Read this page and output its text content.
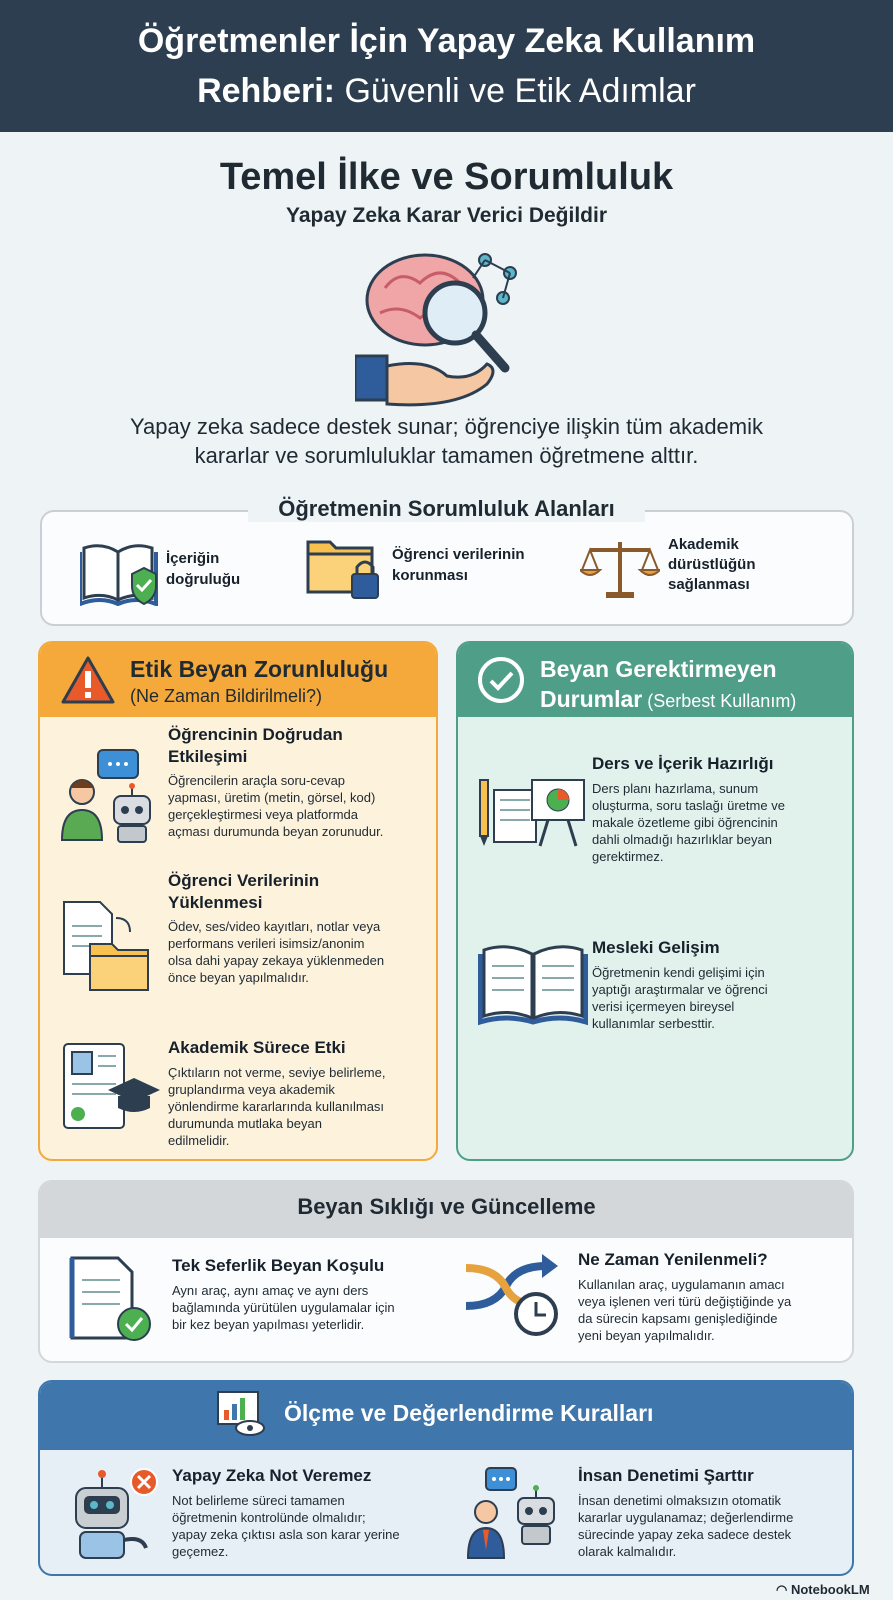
Öğretmenler İçin Yapay Zeka Kullanım
Rehberi: Güvenli ve Etik Adımlar
Temel İlke ve Sorumluluk
Yapay Zeka Karar Verici Değildir
Yapay zeka sadece destek sunar; öğrenciye ilişkin tüm akademik
kararlar ve sorumluluklar tamamen öğretmene alttır.
Öğretmenin Sorumluluk Alanları
İçeriğin
doğruluğu
Öğrenci verilerinin
korunması
Akademik
dürüstlüğün
sağlanması
Etik Beyan Zorunluluğu
(Ne Zaman Bildirilmeli?)
Öğrencinin Doğrudan
Etkileşimi
Öğrencilerin araçla soru-cevap
yapması, üretim (metin, görsel, kod)
gerçekleştirmesi veya platformda
açması durumunda beyan zorunudur.
Öğrenci Verilerinin
Yüklenmesi
Ödev, ses/video kayıtları, notlar veya
performans verileri isimsiz/anonim
olsa dahi yapay zekaya yüklenmeden
önce beyan yapılmalıdır.
Akademik Sürece Etki
Çıktıların not verme, seviye belirleme,
gruplandırma veya akademik
yönlendirme kararlarında kullanılması
durumunda mutlaka beyan
edilmelidir.
Beyan Gerektirmeyen
Durumlar (Serbest Kullanım)
Ders ve İçerik Hazırlığı
Ders planı hazırlama, sunum
oluşturma, soru taslağı üretme ve
makale özetleme gibi öğrencinin
dahli olmadığı hazırlıklar beyan
gerektirmez.
Mesleki Gelişim
Öğretmenin kendi gelişimi için
yaptığı araştırmalar ve öğrenci
verisi içermeyen bireysel
kullanımlar serbesttir.
Beyan Sıklığı ve Güncelleme
Tek Seferlik Beyan Koşulu
Aynı araç, aynı amaç ve aynı ders
bağlamında yürütülen uygulamalar için
bir kez beyan yapılması yeterlidir.
Ne Zaman Yenilenmeli?
Kullanılan araç, uygulamanın amacı
veya işlenen veri türü değiştiğinde ya
da sürecin kapsamı genişlediğinde
yeni beyan yapılmalıdır.
Ölçme ve Değerlendirme Kuralları
Yapay Zeka Not Veremez
Not belirleme süreci tamamen
öğretmenin kontrolünde olmalıdır;
yapay zeka çıktısı asla son karar yerine
geçemez.
İnsan Denetimi Şarttır
İnsan denetimi olmaksızın otomatik
kararlar uygulanamaz; değerlendirme
sürecinde yapay zeka sadece destek
olarak kalmalıdır.
◠ NotebookLM
